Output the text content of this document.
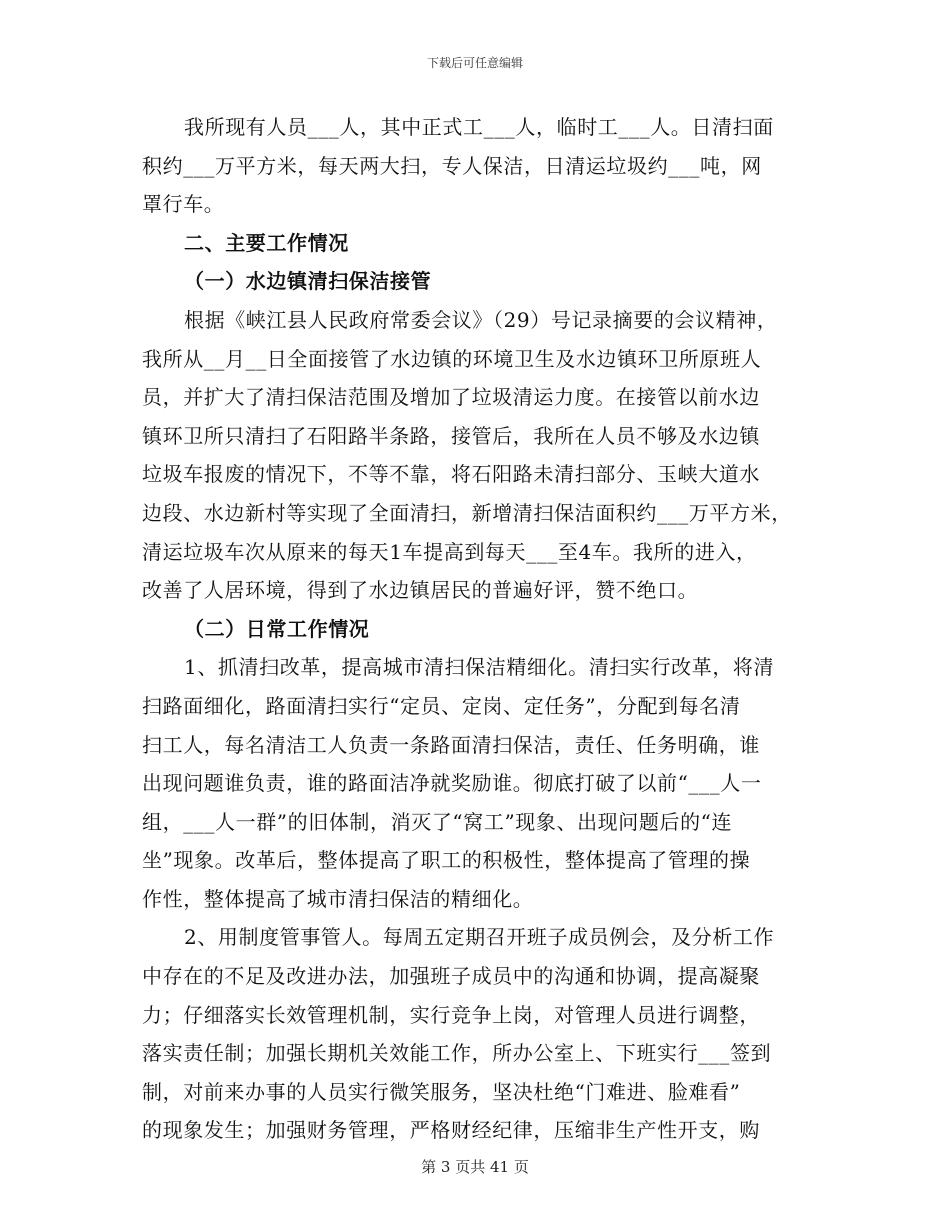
下载后可任意编辑
我所现有人员___人，其中正式工___人，临时工___人。日清扫面
积约___万平方米，每天两大扫，专人保洁，日清运垃圾约___吨，网
罩行车。
二、主要工作情况
（一）水边镇清扫保洁接管
根据《峡江县人民政府常委会议》（29）号记录摘要的会议精神，
我所从__月__日全面接管了水边镇的环境卫生及水边镇环卫所原班人
员，并扩大了清扫保洁范围及增加了垃圾清运力度。在接管以前水边
镇环卫所只清扫了石阳路半条路，接管后，我所在人员不够及水边镇
垃圾车报废的情况下，不等不靠，将石阳路未清扫部分、玉峡大道水
边段、水边新村等实现了全面清扫，新增清扫保洁面积约___万平方米，
清运垃圾车次从原来的每天1车提高到每天___至4车。我所的进入，
改善了人居环境，得到了水边镇居民的普遍好评，赞不绝口。
（二）日常工作情况
1、抓清扫改革，提高城市清扫保洁精细化。清扫实行改革，将清
扫路面细化，路面清扫实行“定员、定岗、定任务”，分配到每名清
扫工人，每名清洁工人负责一条路面清扫保洁，责任、任务明确，谁
出现问题谁负责，谁的路面洁净就奖励谁。彻底打破了以前“___人一
组，___人一群”的旧体制，消灭了“窝工”现象、出现问题后的“连
坐”现象。改革后，整体提高了职工的积极性，整体提高了管理的操
作性，整体提高了城市清扫保洁的精细化。
2、用制度管事管人。每周五定期召开班子成员例会，及分析工作
中存在的不足及改进办法，加强班子成员中的沟通和协调，提高凝聚
力；仔细落实长效管理机制，实行竞争上岗，对管理人员进行调整，
落实责任制；加强长期机关效能工作，所办公室上、下班实行___签到
制，对前来办事的人员实行微笑服务，坚决杜绝“门难进、脸难看”
的现象发生；加强财务管理，严格财经纪律，压缩非生产性开支，购
第 3 页共 41 页
